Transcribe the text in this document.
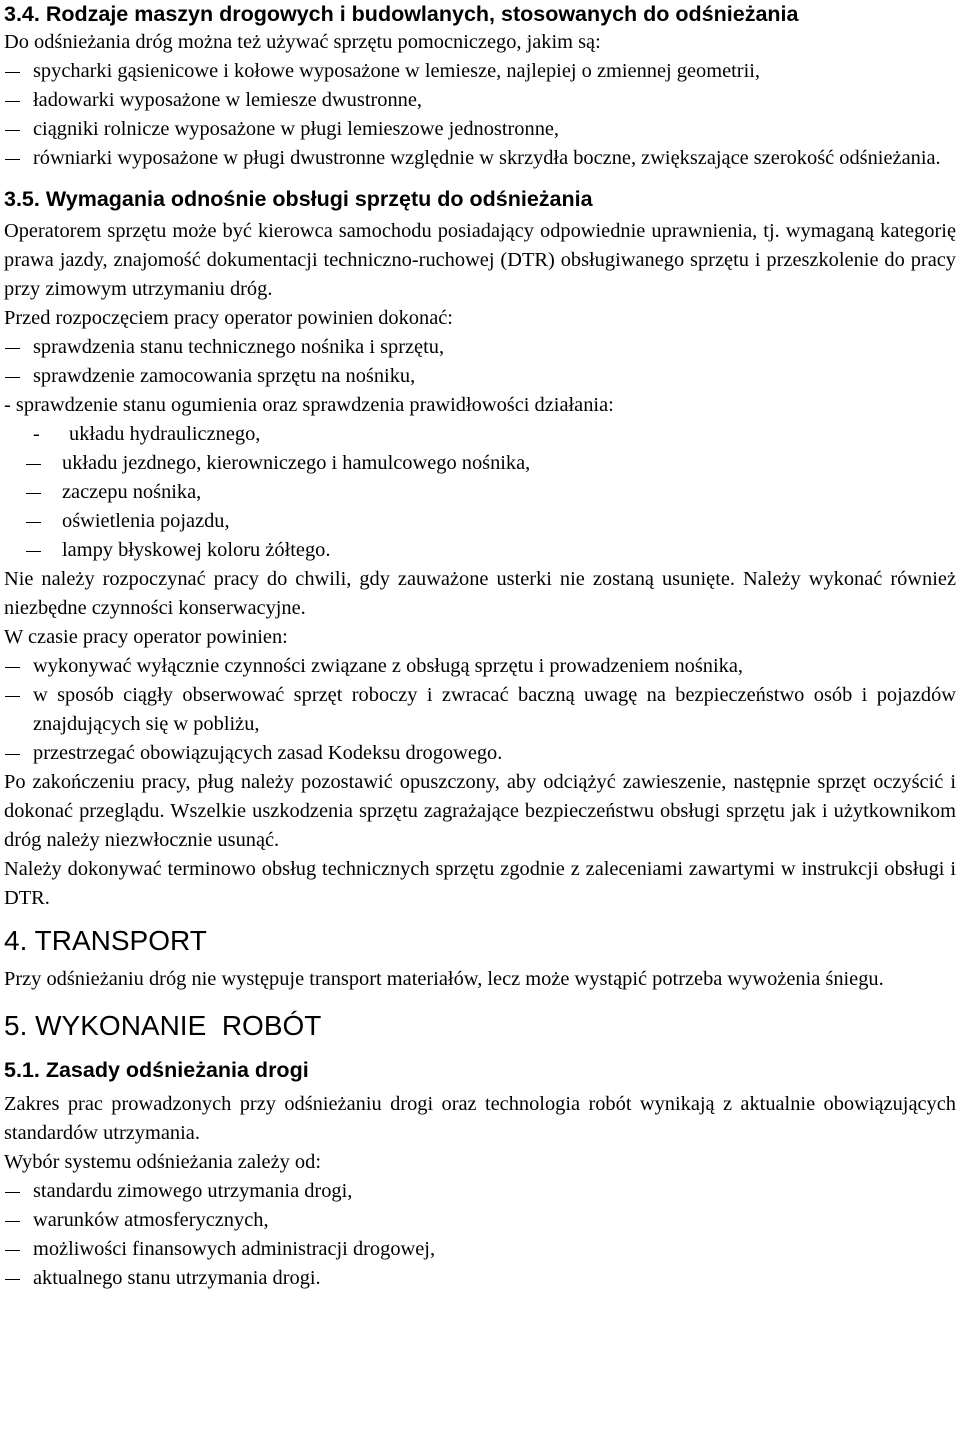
3.4. Rodzaje maszyn drogowych i budowlanych, stosowanych do odśnieżania
Do odśnieżania dróg można też używać sprzętu pomocniczego, jakim są:
spycharki gąsienicowe i kołowe wyposażone w lemiesze, najlepiej o zmiennej geometrii,
ładowarki wyposażone w lemiesze dwustronne,
ciągniki rolnicze wyposażone w pługi lemieszowe jednostronne,
równiarki wyposażone w pługi dwustronne względnie w skrzydła boczne, zwiększające szerokość odśnieżania.
3.5. Wymagania odnośnie obsługi sprzętu do odśnieżania
Operatorem sprzętu może być kierowca samochodu posiadający odpowiednie uprawnienia, tj. wymaganą kategorię prawa jazdy, znajomość dokumentacji techniczno-ruchowej (DTR) obsługiwanego sprzętu i przeszkolenie do pracy przy zimowym utrzymaniu dróg.
Przed rozpoczęciem pracy operator powinien dokonać:
sprawdzenia stanu technicznego nośnika i sprzętu,
sprawdzenie zamocowania sprzętu na nośniku,
- sprawdzenie stanu ogumienia oraz sprawdzenia prawidłowości działania:
- układu hydraulicznego,
układu jezdnego, kierowniczego i hamulcowego nośnika,
zaczepu nośnika,
oświetlenia pojazdu,
lampy błyskowej koloru żółtego.
Nie należy rozpoczynać pracy do chwili, gdy zauważone usterki nie zostaną usunięte. Należy wykonać również niezbędne czynności konserwacyjne.
W czasie pracy operator powinien:
wykonywać wyłącznie czynności związane z obsługą sprzętu i prowadzeniem nośnika,
w sposób ciągły obserwować sprzęt roboczy i zwracać baczną uwagę na bezpieczeństwo osób i pojazdów znajdujących się w pobliżu,
przestrzegać obowiązujących zasad Kodeksu drogowego.
Po zakończeniu pracy, pług należy pozostawić opuszczony, aby odciążyć zawieszenie, następnie sprzęt oczyścić i dokonać przeglądu. Wszelkie uszkodzenia sprzętu zagrażające bezpieczeństwu obsługi sprzętu jak i użytkownikom dróg należy niezwłocznie usunąć.
Należy dokonywać terminowo obsług technicznych sprzętu zgodnie z zaleceniami zawartymi w instrukcji obsługi i DTR.
4. TRANSPORT
Przy odśnieżaniu dróg nie występuje transport materiałów, lecz może wystąpić potrzeba wywożenia śniegu.
5. WYKONANIE  ROBÓT
5.1. Zasady odśnieżania drogi
Zakres prac prowadzonych przy odśnieżaniu drogi oraz technologia robót wynikają z aktualnie obowiązujących standardów utrzymania.
Wybór systemu odśnieżania zależy od:
standardu zimowego utrzymania drogi,
warunków atmosferycznych,
możliwości finansowych administracji drogowej,
aktualnego stanu utrzymania drogi.
